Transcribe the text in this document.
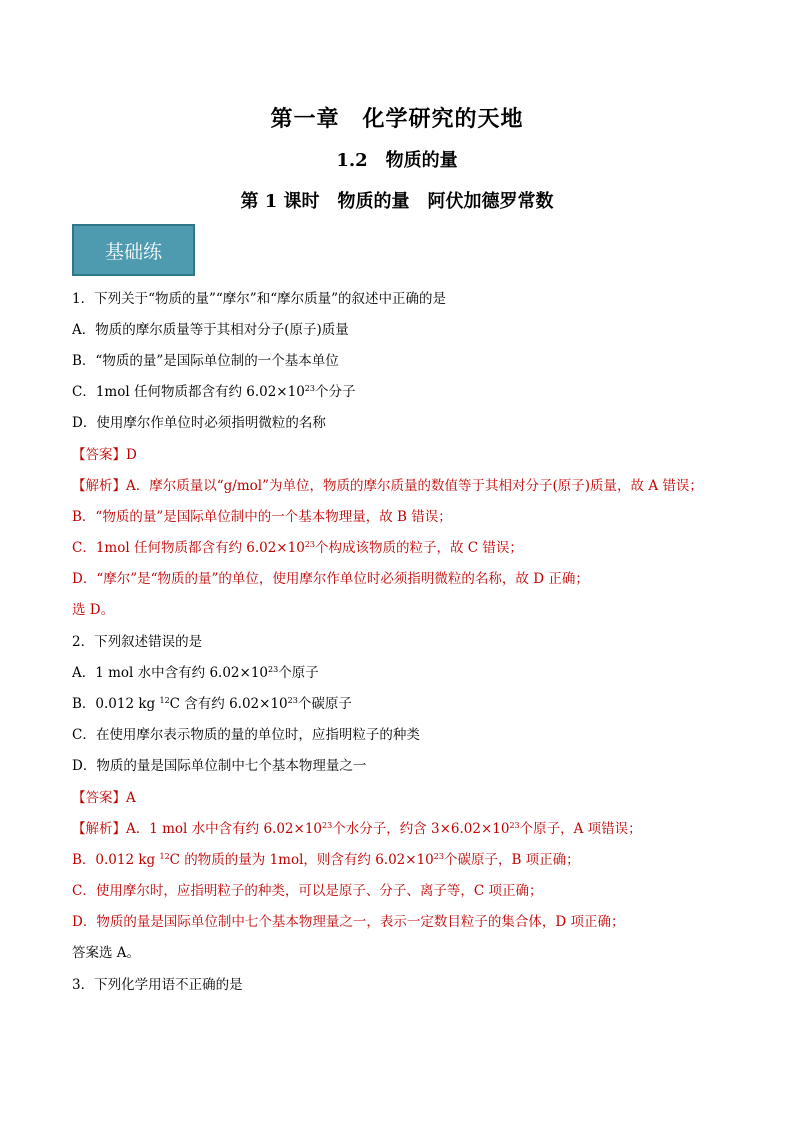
第一章　化学研究的天地
1.2　物质的量
第 1 课时　物质的量　阿伏加德罗常数
基础练
1．下列关于“物质的量”“摩尔”和“摩尔质量”的叙述中正确的是
A．物质的摩尔质量等于其相对分子(原子)质量
B．“物质的量”是国际单位制的一个基本单位
C．1mol 任何物质都含有约 $6.02\times 10^{23}$个分子
D．使用摩尔作单位时必须指明微粒的名称
【答案】D
【解析】A．摩尔质量以“g/mol”为单位，物质的摩尔质量的数值等于其相对分子(原子)质量，故 A 错误；
B．“物质的量”是国际单位制中的一个基本物理量，故 B 错误；
C．1mol 任何物质都含有约 $6.02\times 10^{23}$个构成该物质的粒子，故 C 错误；
D．“摩尔”是“物质的量”的单位，使用摩尔作单位时必须指明微粒的名称，故 D 正确；
选 D。
2．下列叙述错误的是
A．1 mol 水中含有约 $6.02\times 10^{23}$个原子
B．0.012 kg $^{12}$C 含有约 $6.02\times 10^{23}$个碳原子
C．在使用摩尔表示物质的量的单位时，应指明粒子的种类
D．物质的量是国际单位制中七个基本物理量之一
【答案】A
【解析】A．1 mol 水中含有约 $6.02\times 10^{23}$个水分子，约含 $3\times 6.02\times 10^{23}$个原子，A 项错误；
B．0.012 kg $^{12}$C 的物质的量为 1mol，则含有约 $6.02\times 10^{23}$个碳原子，B 项正确；
C．使用摩尔时，应指明粒子的种类，可以是原子、分子、离子等，C 项正确；
D．物质的量是国际单位制中七个基本物理量之一，表示一定数目粒子的集合体，D 项正确；
答案选 A。
3．下列化学用语不正确的是
